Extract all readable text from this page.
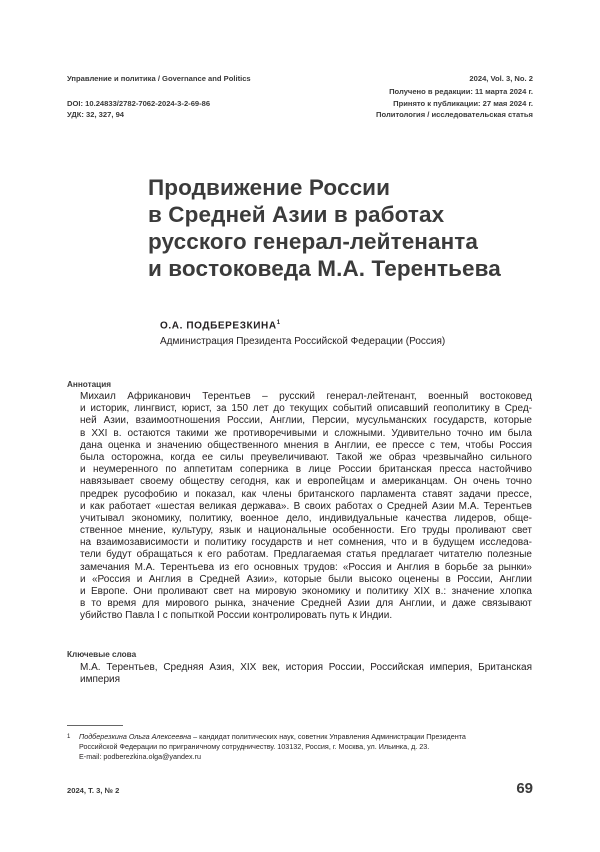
Управление и политика / Governance and Politics
DOI: 10.24833/2782-7062-2024-3-2-69-86
УДК: 32, 327, 94
2024, Vol. 3, No. 2
Получено в редакции: 11 марта 2024 г.
Принято к публикации: 27 мая 2024 г.
Политология / исследовательская статья
Продвижение России
в Средней Азии в работах
русского генерал-лейтенанта
и востоковеда М.А. Терентьева
О.А. ПОДБЕРЕЗКИНА$^1$
Администрация Президента Российской Федерации (Россия)
Аннотация
Михаил Африканович Терентьев – русский генерал-лейтенант, военный востоковед
и историк, лингвист, юрист, за 150 лет до текущих событий описавший геополитику в Сред-
ней Азии, взаимоотношения России, Англии, Персии, мусульманских государств, которые
в XXI в. остаются такими же противоречивыми и сложными. Удивительно точно им была
дана оценка и значению общественного мнения в Англии, ее прессе с тем, чтобы Россия
была осторожна, когда ее силы преувеличивают. Такой же образ чрезвычайно сильного
и неумеренного по аппетитам соперника в лице России британская пресса настойчиво
навязывает своему обществу сегодня, как и европейцам и американцам. Он очень точно
предрек русофобию и показал, как члены британского парламента ставят задачи прессе,
и как работает «шестая великая держава». В своих работах о Средней Азии М.А. Терентьев
учитывал экономику, политику, военное дело, индивидуальные качества лидеров, обще-
ственное мнение, культуру, язык и национальные особенности. Его труды проливают свет
на взаимозависимости и политику государств и нет сомнения, что и в будущем исследова-
тели будут обращаться к его работам. Предлагаемая статья предлагает читателю полезные
замечания М.А. Терентьева из его основных трудов: «Россия и Англия в борьбе за рынки»
и «Россия и Англия в Средней Азии», которые были высоко оценены в России, Англии
и Европе. Они проливают свет на мировую экономику и политику XIX в.: значение хлопка
в то время для мирового рынка, значение Средней Азии для Англии, и даже связывают
убийство Павла I с попыткой России контролировать путь к Индии.
Ключевые слова
М.А. Терентьев, Средняя Азия, XIX век, история России, Российская империя, Британская
империя
1 Подберезкина Ольга Алексеевна – кандидат политических наук, советник Управления Администрации Президента
Российской Федерации по приграничному сотрудничеству. 103132, Россия, г. Москва, ул. Ильинка, д. 23.
E-mail: podberezkina.olga@yandex.ru
2024, Т. 3, № 2	69
